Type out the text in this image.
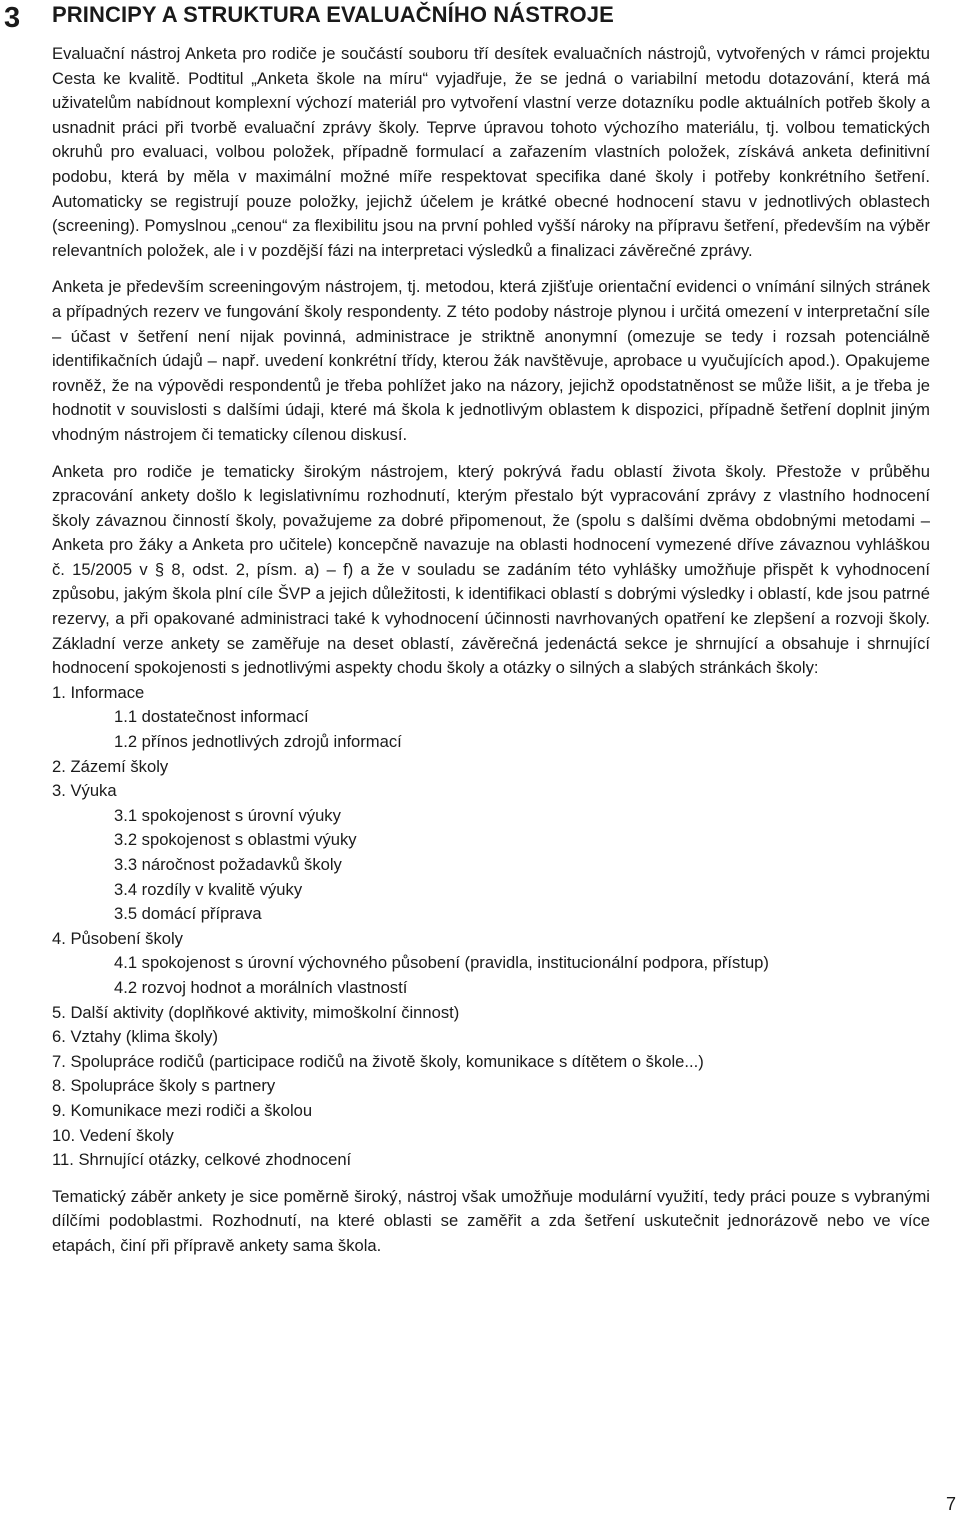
3 PRINCIPY A STRUKTURA EVALUAČNÍHO NÁSTROJE

Evaluační nástroj Anketa pro rodiče je součástí souboru tří desítek evaluačních nástrojů, vytvořených v rámci projektu Cesta ke kvalitě. Podtitul „Anketa škole na míru“ vyjadřuje, že se jedná o variabilní metodu dotazování, která má uživatelům nabídnout komplexní výchozí materiál pro vytvoření vlastní verze dotazníku podle aktuálních potřeb školy a usnadnit práci při tvorbě evaluační zprávy školy. Teprve úpravou tohoto výchozího materiálu, tj. volbou tematických okruhů pro evaluaci, volbou položek, případně formulací a zařazením vlastních položek, získává anketa definitivní podobu, která by měla v maximální možné míře respektovat specifika dané školy i potřeby konkrétního šetření. Automaticky se registrují pouze položky, jejichž účelem je krátké obecné hodnocení stavu v jednotlivých oblastech (screening). Pomyslnou „cenou“ za flexibilitu jsou na první pohled vyšší nároky na přípravu šetření, především na výběr relevantních položek, ale i v pozdější fázi na interpretaci výsledků a finalizaci závěrečné zprávy.

Anketa je především screeningovým nástrojem, tj. metodou, která zjišťuje orientační evidenci o vnímání silných stránek a případných rezerv ve fungování školy respondenty. Z této podoby nástroje plynou i určitá omezení v interpretační síle – účast v šetření není nijak povinná, administrace je striktně anonymní (omezuje se tedy i rozsah potenciálně identifikačních údajů – např. uvedení konkrétní třídy, kterou žák navštěvuje, aprobace u vyučujících apod.). Opakujeme rovněž, že na výpovědi respondentů je třeba pohlížet jako na názory, jejichž opodstatněnost se může lišit, a je třeba je hodnotit v souvislosti s dalšími údaji, které má škola k jednotlivým oblastem k dispozici, případně šetření doplnit jiným vhodným nástrojem či tematicky cílenou diskusí.

Anketa pro rodiče je tematicky širokým nástrojem, který pokrývá řadu oblastí života školy. Přestože v průběhu zpracování ankety došlo k legislativnímu rozhodnutí, kterým přestalo být vypracování zprávy z vlastního hodnocení školy závaznou činností školy, považujeme za dobré připomenout, že (spolu s dalšími dvěma obdobnými metodami – Anketa pro žáky a Anketa pro učitele) koncepčně navazuje na oblasti hodnocení vymezené dříve závaznou vyhláškou č. 15/2005 v § 8, odst. 2, písm. a) – f) a že v souladu se zadáním této vyhlášky umožňuje přispět k vyhodnocení způsobu, jakým škola plní cíle ŠVP a jejich důležitosti, k identifikaci oblastí s dobrými výsledky i oblastí, kde jsou patrné rezervy, a při opakované administraci také k vyhodnocení účinnosti navrhovaných opatření ke zlepšení a rozvoji školy. Základní verze ankety se zaměřuje na deset oblastí, závěrečná jedenáctá sekce je shrnující a obsahuje i shrnující hodnocení spokojenosti s jednotlivými aspekty chodu školy a otázky o silných a slabých stránkách školy:

1. Informace
1.1 dostatečnost informací
1.2 přínos jednotlivých zdrojů informací
2. Zázemí školy
3. Výuka
3.1 spokojenost s úrovní výuky
3.2 spokojenost s oblastmi výuky
3.3 náročnost požadavků školy
3.4 rozdíly v kvalitě výuky
3.5 domácí příprava
4. Působení školy
4.1 spokojenost s úrovní výchovného působení (pravidla, institucionální podpora, přístup)
4.2 rozvoj hodnot a morálních vlastností
5. Další aktivity (doplňkové aktivity, mimoškolní činnost)
6. Vztahy (klima školy)
7. Spolupráce rodičů (participace rodičů na životě školy, komunikace s dítětem o škole...)
8. Spolupráce školy s partnery
9. Komunikace mezi rodiči a školou
10. Vedení školy
11. Shrnující otázky, celkové zhodnocení

Tematický záběr ankety je sice poměrně široký, nástroj však umožňuje modulární využití, tedy práci pouze s vybranými dílčími podoblastmi. Rozhodnutí, na které oblasti se zaměřit a zda šetření uskutečnit jednorázově nebo ve více etapách, činí při přípravě ankety sama škola.

7
